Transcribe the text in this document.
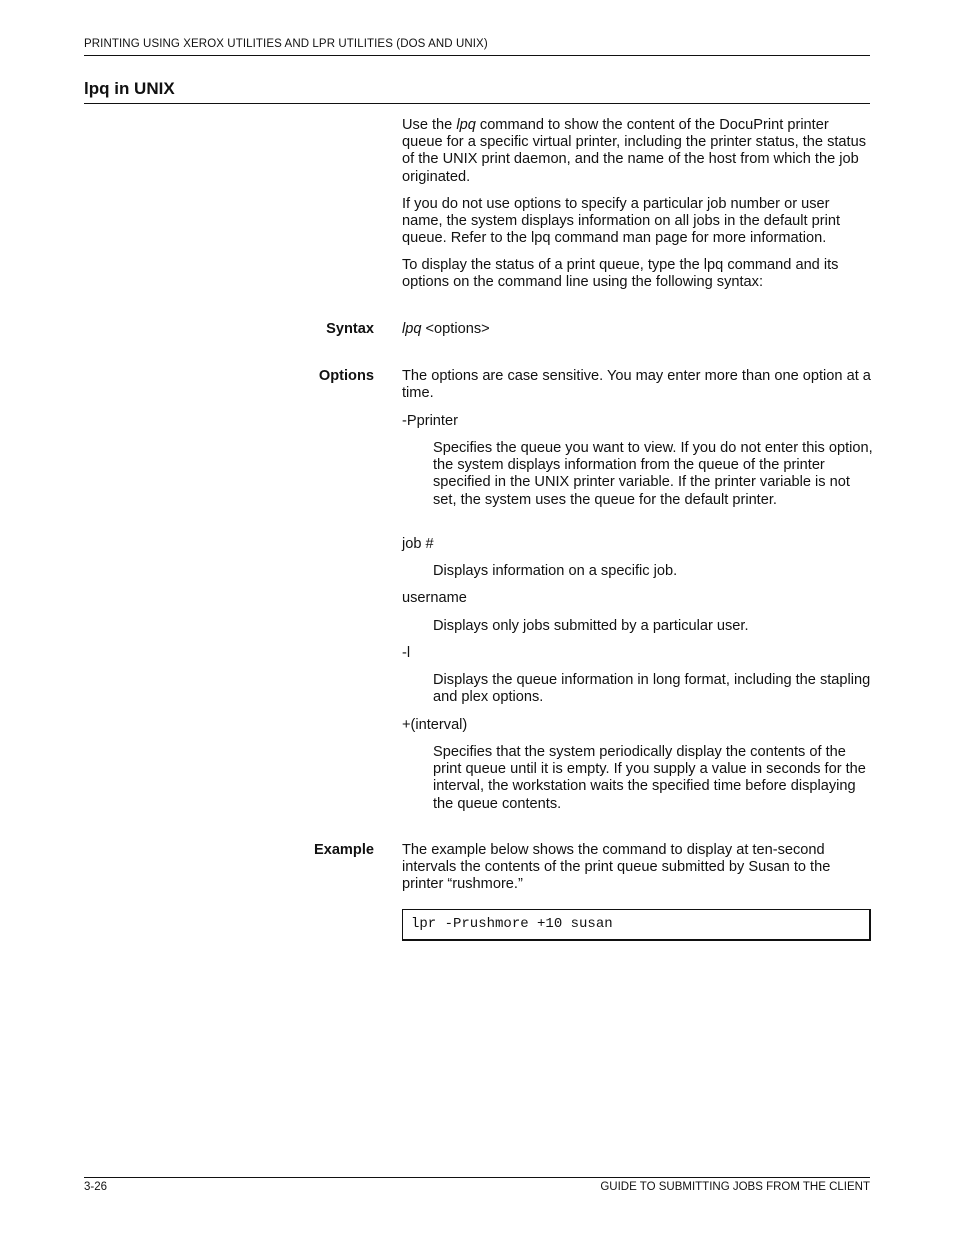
PRINTING USING XEROX UTILITIES AND LPR UTILITIES (DOS AND UNIX)
lpq in UNIX

Use the lpq command to show the content of the DocuPrint printer queue for a specific virtual printer, including the printer status, the status of the UNIX print daemon, and the name of the host from which the job originated.

If you do not use options to specify a particular job number or user name, the system displays information on all jobs in the default print queue. Refer to the lpq command man page for more information.

To display the status of a print queue, type the lpq command and its options on the command line using the following syntax:

Syntax lpq <options>
Options The options are case sensitive. You may enter more than one option at a time.
-Pprinter
Specifies the queue you want to view. If you do not enter this option, the system displays information from the queue of the printer specified in the UNIX printer variable. If the printer variable is not set, the system uses the queue for the default printer.
job #
Displays information on a specific job.
username
Displays only jobs submitted by a particular user.
-l
Displays the queue information in long format, including the stapling and plex options.
+(interval)
Specifies that the system periodically display the contents of the print queue until it is empty. If you supply a value in seconds for the interval, the workstation waits the specified time before displaying the queue contents.
Example The example below shows the command to display at ten-second intervals the contents of the print queue submitted by Susan to the printer “rushmore.”
lpr -Prushmore +10 susan
3-26	GUIDE TO SUBMITTING JOBS FROM THE CLIENT
